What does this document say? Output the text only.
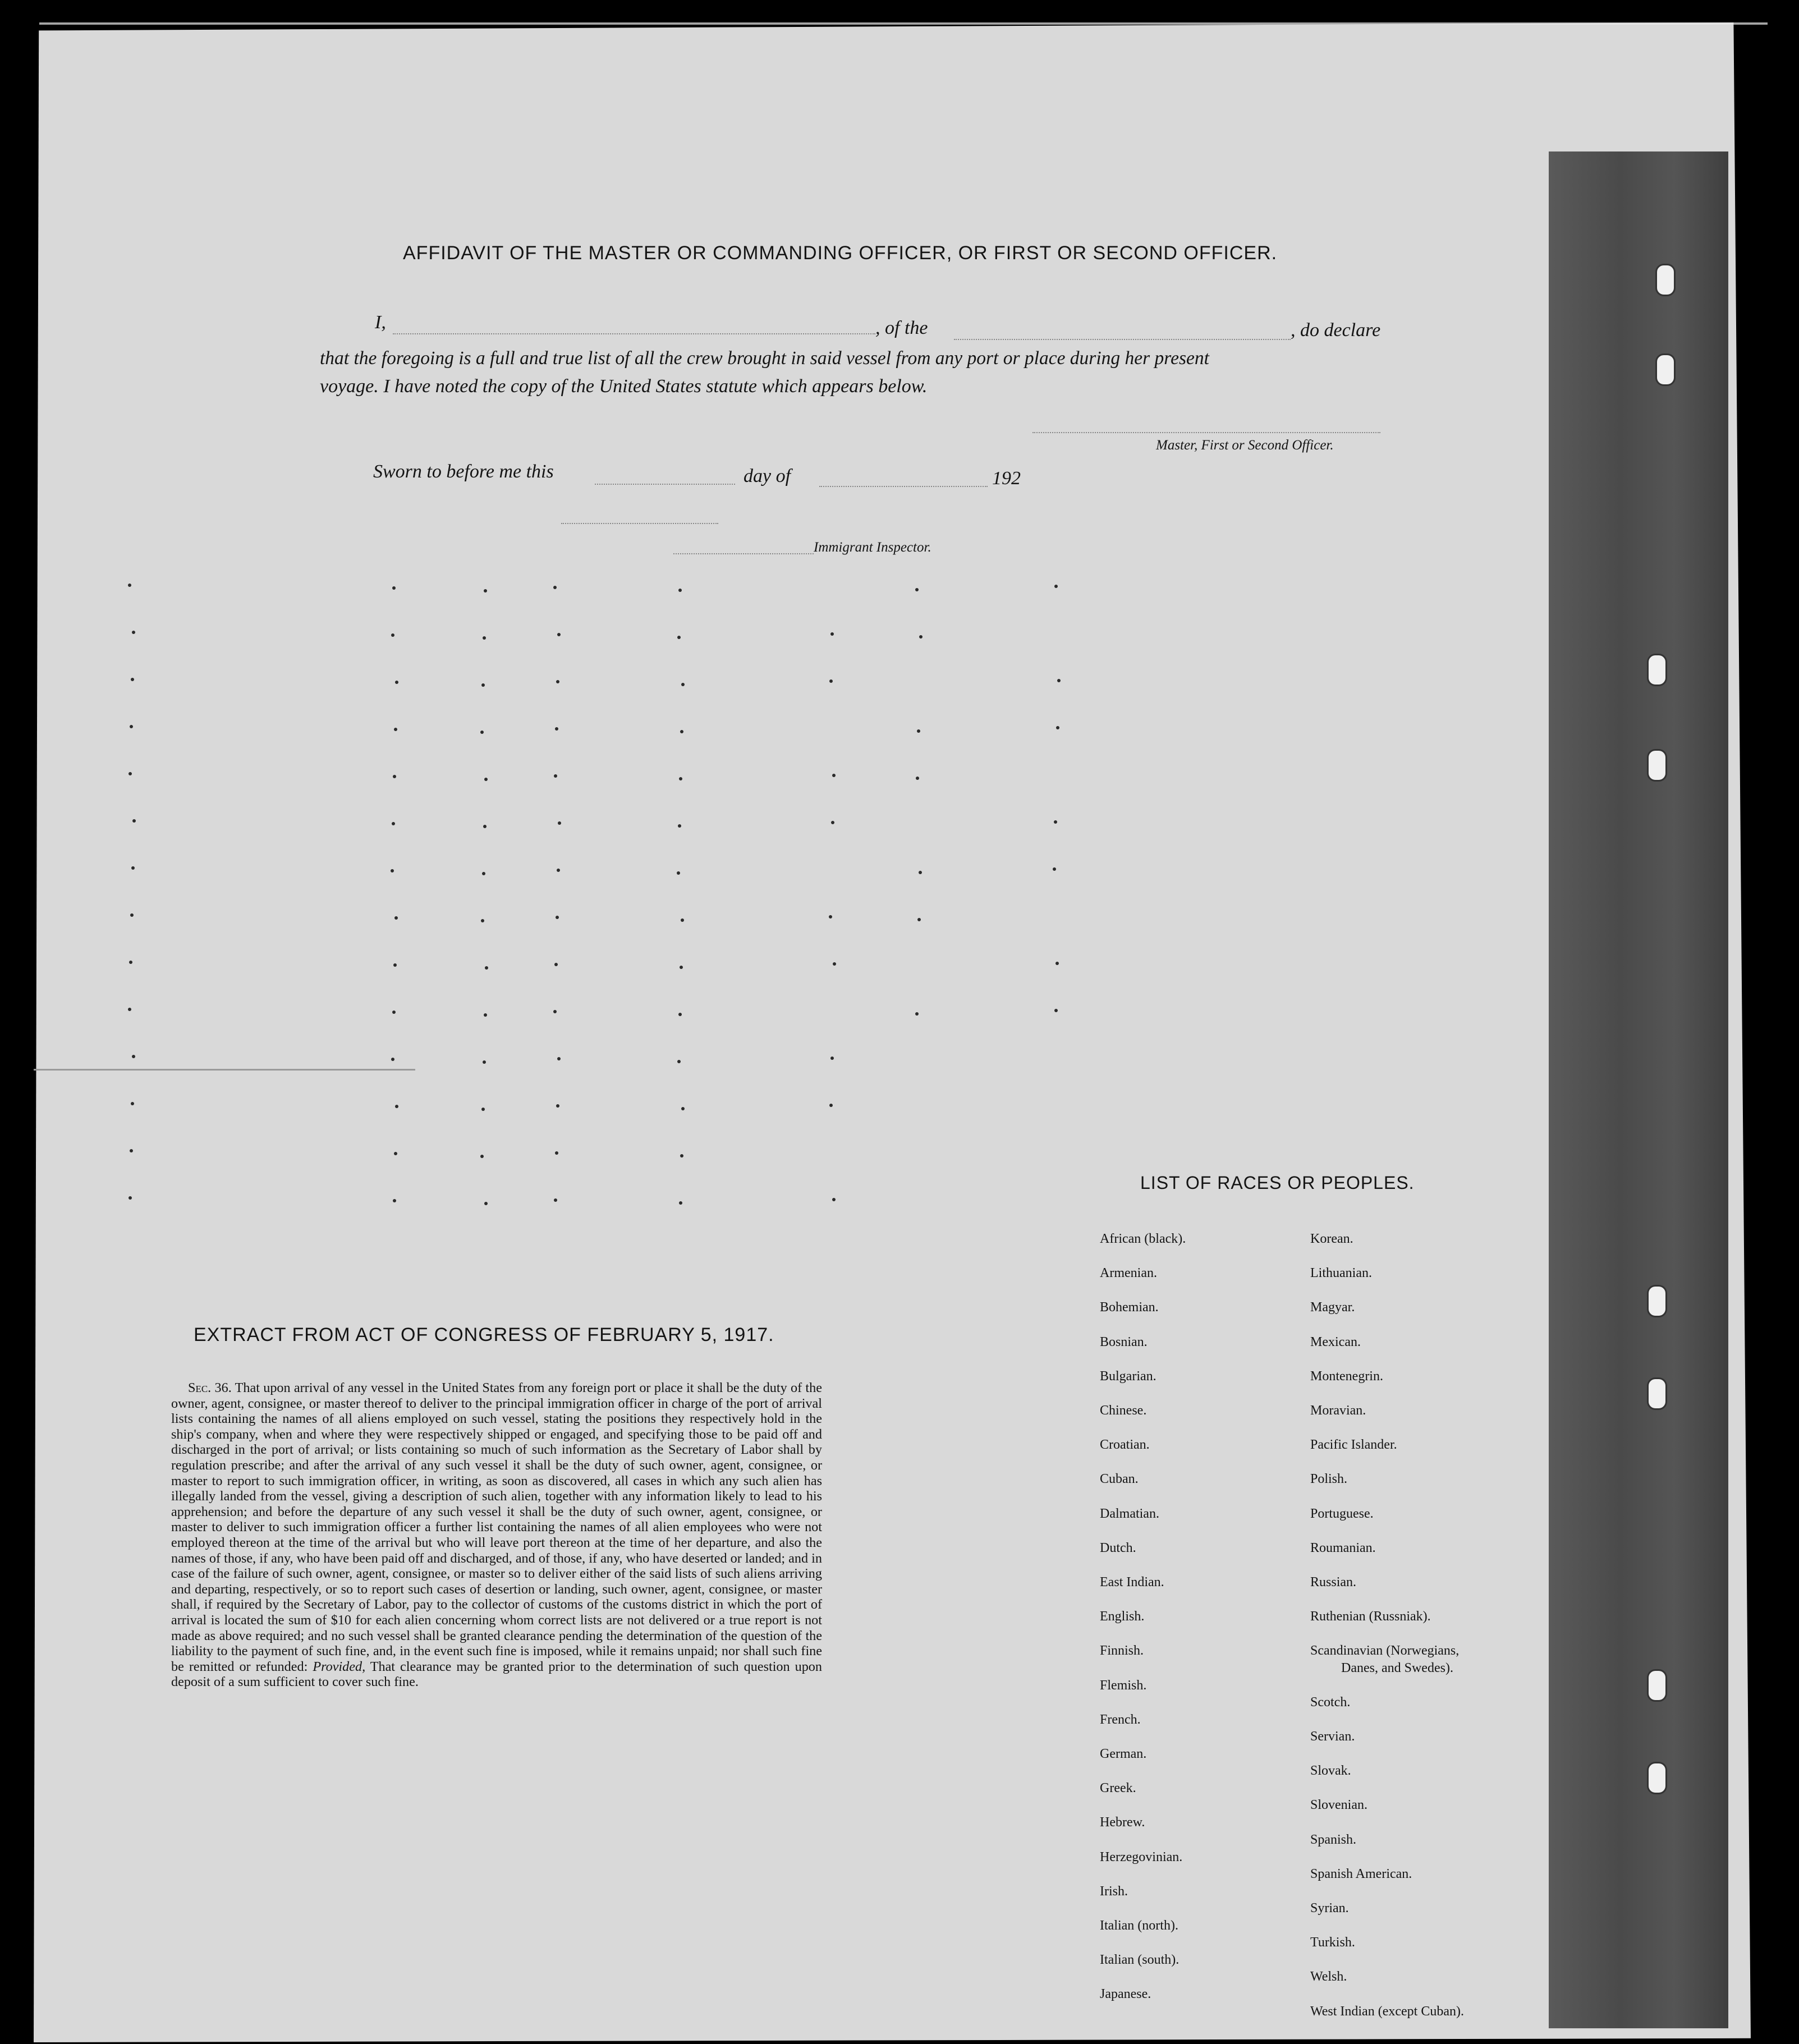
AFFIDAVIT OF THE MASTER OR COMMANDING OFFICER, OR FIRST OR SECOND OFFICER.
I,	, of the	, do declare
that the foregoing is a full and true list of all the crew brought in said vessel from any port or place during her present
voyage. I have noted the copy of the United States statute which appears below.
Master, First or Second Officer.
Sworn to before me this	day of	192
Immigrant Inspector.
EXTRACT FROM ACT OF CONGRESS OF FEBRUARY 5, 1917.

Sec. 36. That upon arrival of any vessel in the United States from any foreign port or place it shall be the duty of the owner, agent, consignee, or master thereof to deliver to the principal immigration officer in charge of the port of arrival lists containing the names of all aliens employed on such vessel, stating the positions they respectively hold in the ship's company, when and where they were respectively shipped or engaged, and specifying those to be paid off and discharged in the port of arrival; or lists containing so much of such information as the Secretary of Labor shall by regulation prescribe; and after the arrival of any such vessel it shall be the duty of such owner, agent, consignee, or master to report to such immigration officer, in writing, as soon as discovered, all cases in which any such alien has illegally landed from the vessel, giving a description of such alien, together with any information likely to lead to his apprehension; and before the departure of any such vessel it shall be the duty of such owner, agent, consignee, or master to deliver to such immigration officer a further list containing the names of all alien employees who were not employed thereon at the time of the arrival but who will leave port thereon at the time of her departure, and also the names of those, if any, who have been paid off and discharged, and of those, if any, who have deserted or landed; and in case of the failure of such owner, agent, consignee, or master so to deliver either of the said lists of such aliens arriving and departing, respectively, or so to report such cases of desertion or landing, such owner, agent, consignee, or master shall, if required by the Secretary of Labor, pay to the collector of customs of the customs district in which the port of arrival is located the sum of $10 for each alien concerning whom correct lists are not delivered or a true report is not made as above required; and no such vessel shall be granted clearance pending the determination of the question of the liability to the payment of such fine, and, in the event such fine is imposed, while it remains unpaid; nor shall such fine be remitted or refunded: Provided, That clearance may be granted prior to the determination of such question upon deposit of a sum sufficient to cover such fine.

LIST OF RACES OR PEOPLES.
African (black).
Armenian.
Bohemian.
Bosnian.
Bulgarian.
Chinese.
Croatian.
Cuban.
Dalmatian.
Dutch.
East Indian.
English.
Finnish.
Flemish.
French.
German.
Greek.
Hebrew.
Herzegovinian.
Irish.
Italian (north).
Italian (south).
Japanese.
Korean.
Lithuanian.
Magyar.
Mexican.
Montenegrin.
Moravian.
Pacific Islander.
Polish.
Portuguese.
Roumanian.
Russian.
Ruthenian (Russniak).
Scandinavian (Norwegians,
Danes, and Swedes).
Scotch.
Servian.
Slovak.
Slovenian.
Spanish.
Spanish American.
Syrian.
Turkish.
Welsh.
West Indian (except Cuban).
